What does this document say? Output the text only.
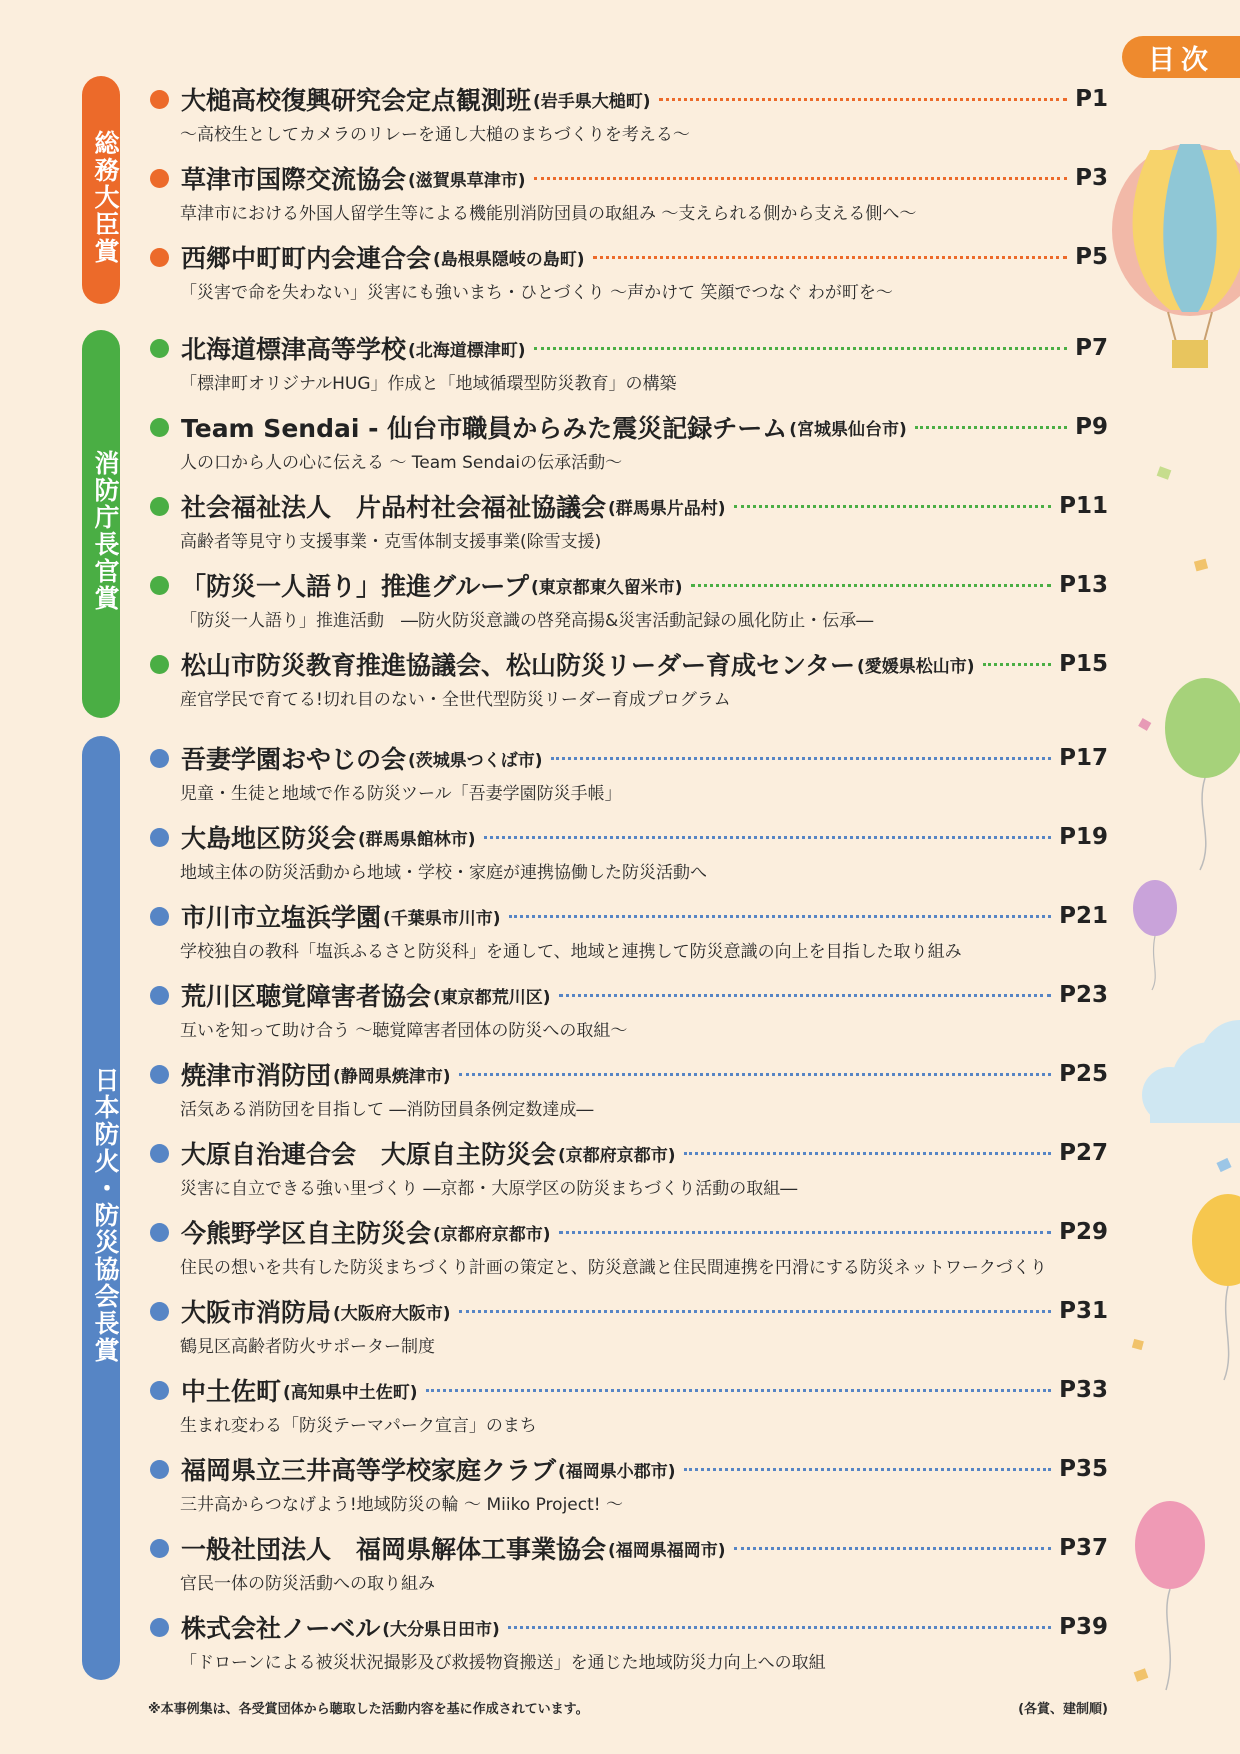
目次
総務大臣賞
消防庁長官賞
日本防火・防災協会長賞
大槌高校復興研究会定点観測班 (岩手県大槌町)	P1
～高校生としてカメラのリレーを通し大槌のまちづくりを考える～
草津市国際交流協会 (滋賀県草津市)	P3
草津市における外国人留学生等による機能別消防団員の取組み ～支えられる側から支える側へ～
西郷中町町内会連合会 (島根県隠岐の島町)	P5
「災害で命を失わない」災害にも強いまち・ひとづくり ～声かけて 笑顔でつなぐ わが町を～
北海道標津高等学校 (北海道標津町)	P7
「標津町オリジナルHUG」作成と「地域循環型防災教育」の構築
Team Sendai - 仙台市職員からみた震災記録チーム (宮城県仙台市)	P9
人の口から人の心に伝える ～ Team Sendaiの伝承活動～
社会福祉法人　片品村社会福祉協議会 (群馬県片品村)	P11
高齢者等見守り支援事業・克雪体制支援事業(除雪支援)
「防災一人語り」推進グループ (東京都東久留米市)	P13
「防災一人語り」推進活動　―防火防災意識の啓発高揚&災害活動記録の風化防止・伝承―
松山市防災教育推進協議会、松山防災リーダー育成センター (愛媛県松山市)	P15
産官学民で育てる!切れ目のない・全世代型防災リーダー育成プログラム
吾妻学園おやじの会 (茨城県つくば市)	P17
児童・生徒と地域で作る防災ツール「吾妻学園防災手帳」
大島地区防災会 (群馬県館林市)	P19
地域主体の防災活動から地域・学校・家庭が連携協働した防災活動へ
市川市立塩浜学園 (千葉県市川市)	P21
学校独自の教科「塩浜ふるさと防災科」を通して、地域と連携して防災意識の向上を目指した取り組み
荒川区聴覚障害者協会 (東京都荒川区)	P23
互いを知って助け合う ～聴覚障害者団体の防災への取組～
焼津市消防団 (静岡県焼津市)	P25
活気ある消防団を目指して ―消防団員条例定数達成―
大原自治連合会　大原自主防災会 (京都府京都市)	P27
災害に自立できる強い里づくり ―京都・大原学区の防災まちづくり活動の取組―
今熊野学区自主防災会 (京都府京都市)	P29
住民の想いを共有した防災まちづくり計画の策定と、防災意識と住民間連携を円滑にする防災ネットワークづくり
大阪市消防局 (大阪府大阪市)	P31
鶴見区高齢者防火サポーター制度
中土佐町 (高知県中土佐町)	P33
生まれ変わる「防災テーマパーク宣言」のまち
福岡県立三井高等学校家庭クラブ (福岡県小郡市)	P35
三井高からつなげよう!地域防災の輪 ～ Miiko Project! ～
一般社団法人　福岡県解体工事業協会 (福岡県福岡市)	P37
官民一体の防災活動への取り組み
株式会社ノーベル (大分県日田市)	P39
「ドローンによる被災状況撮影及び救援物資搬送」を通じた地域防災力向上への取組
※本事例集は、各受賞団体から聴取した活動内容を基に作成されています。	(各賞、建制順)
